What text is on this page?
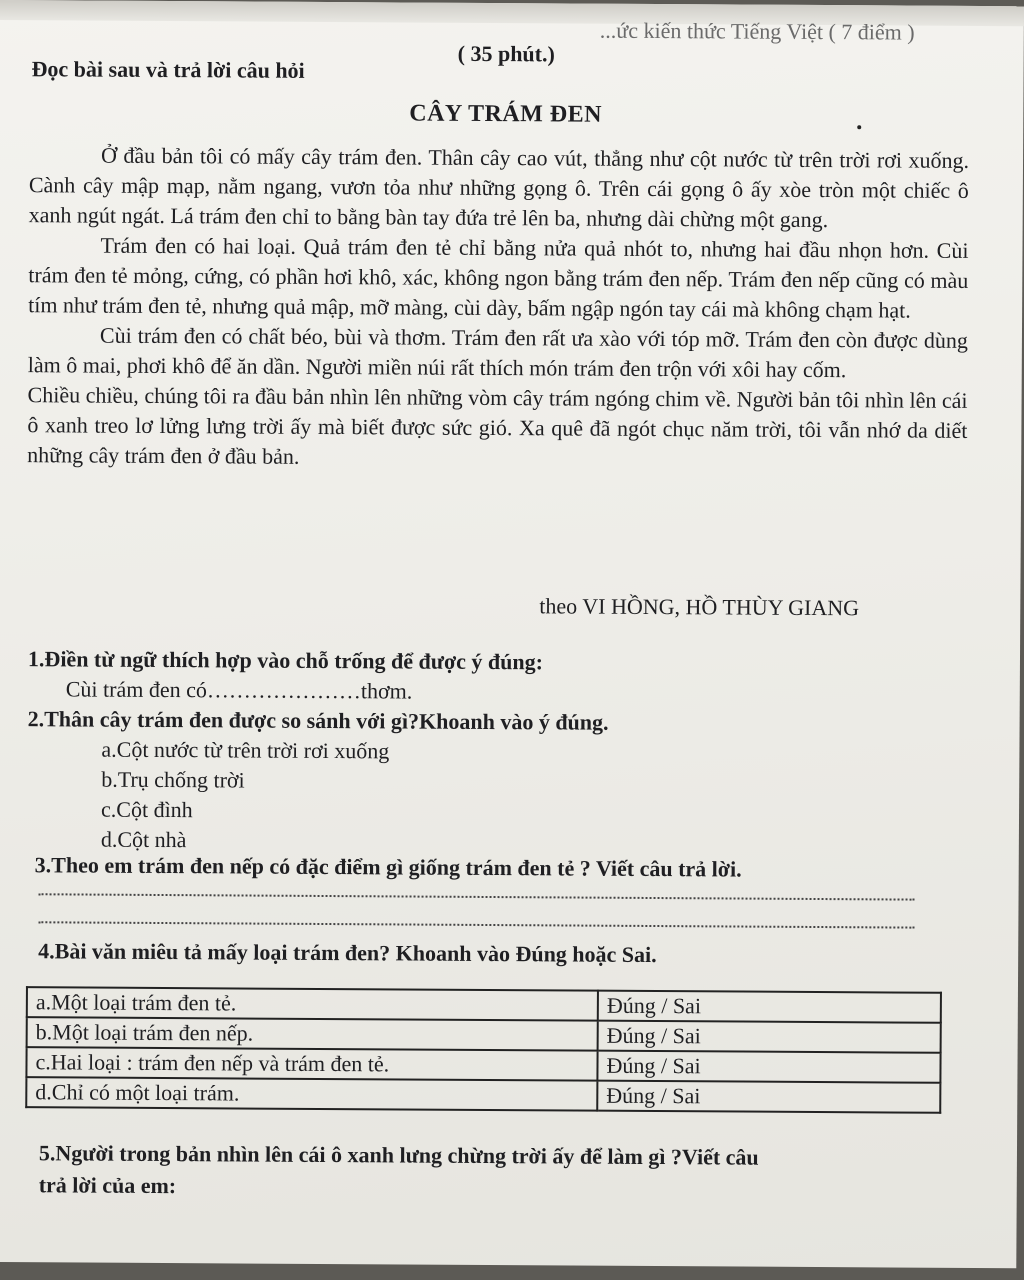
...ức kiến thức Tiếng Việt ( 7 điểm )
( 35 phút.)
Đọc bài sau và trả lời câu hỏi
CÂY TRÁM ĐEN

Ở đầu bản tôi có mấy cây trám đen. Thân cây cao vút, thẳng như cột nước từ trên trời rơi xuống. Cành cây mập mạp, nằm ngang, vươn tỏa như những gọng ô. Trên cái gọng ô ấy xòe tròn một chiếc ô xanh ngút ngát. Lá trám đen chỉ to bằng bàn tay đứa trẻ lên ba, nhưng dài chừng một gang.

Trám đen có hai loại. Quả trám đen tẻ chỉ bằng nửa quả nhót to, nhưng hai đầu nhọn hơn. Cùi trám đen tẻ mỏng, cứng, có phần hơi khô, xác, không ngon bằng trám đen nếp. Trám đen nếp cũng có màu tím như trám đen tẻ, nhưng quả mập, mỡ màng, cùi dày, bấm ngập ngón tay cái mà không chạm hạt.

Cùi trám đen có chất béo, bùi và thơm. Trám đen rất ưa xào với tóp mỡ. Trám đen còn được dùng làm ô mai, phơi khô để ăn dần. Người miền núi rất thích món trám đen trộn với xôi hay cốm.

Chiều chiều, chúng tôi ra đầu bản nhìn lên những vòm cây trám ngóng chim về. Người bản tôi nhìn lên cái ô xanh treo lơ lửng lưng trời ấy mà biết được sức gió. Xa quê đã ngót chục năm trời, tôi vẫn nhớ da diết những cây trám đen ở đầu bản.

theo VI HỒNG, HỒ THÙY GIANG
1.Điền từ ngữ thích hợp vào chỗ trống để được ý đúng:
Cùi trám đen có…………………thơm.
2.Thân cây trám đen được so sánh với gì?Khoanh vào ý đúng.
a.Cột nước từ trên trời rơi xuống
b.Trụ chống trời
c.Cột đình
d.Cột nhà
3.Theo em trám đen nếp có đặc điểm gì giống trám đen tẻ ? Viết câu trả lời.
4.Bài văn miêu tả mấy loại trám đen? Khoanh vào Đúng hoặc Sai.
a.Một loại trám đen tẻ.	Đúng / Sai
b.Một loại trám đen nếp.	Đúng / Sai
c.Hai loại : trám đen nếp và trám đen tẻ.	Đúng / Sai
d.Chỉ có một loại trám.	Đúng / Sai
5.Người trong bản nhìn lên cái ô xanh lưng chừng trời ấy để làm gì ?Viết câu
trả lời của em:
